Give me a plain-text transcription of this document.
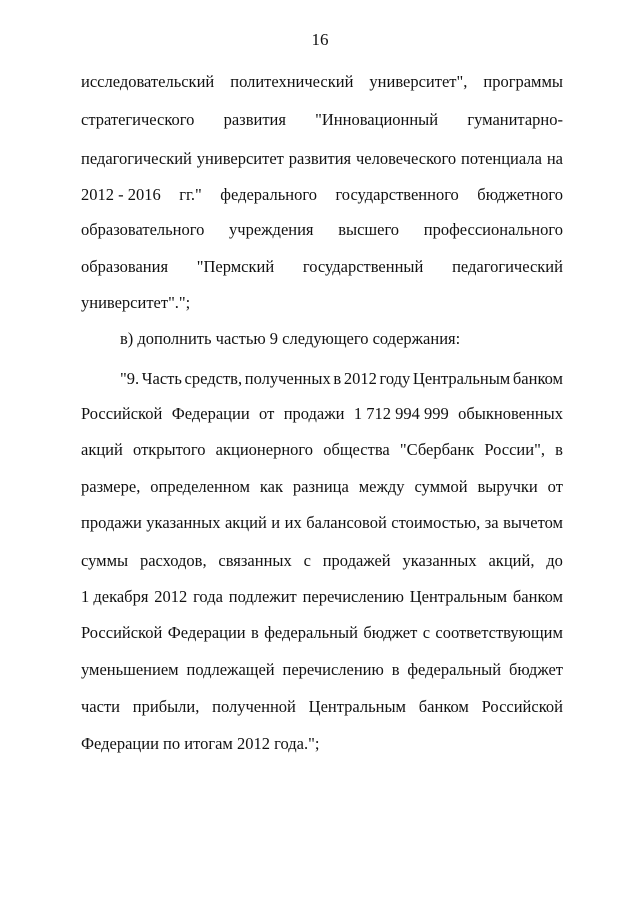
16
исследовательский политехнический университет", программы
стратегического развития "Инновационный гуманитарно-
педагогический университет развития человеческого потенциала на
2012 - 2016 гг." федерального государственного бюджетного
образовательного учреждения высшего профессионального
образования "Пермский государственный педагогический
университет".";
в) дополнить частью 9 следующего содержания:
"9. Часть средств, полученных в 2012 году Центральным банком
Российской Федерации от продажи 1 712 994 999 обыкновенных
акций открытого акционерного общества "Сбербанк России", в
размере, определенном как разница между суммой выручки от
продажи указанных акций и их балансовой стоимостью, за вычетом
суммы расходов, связанных с продажей указанных акций, до
1 декабря 2012 года подлежит перечислению Центральным банком
Российской Федерации в федеральный бюджет с соответствующим
уменьшением подлежащей перечислению в федеральный бюджет
части прибыли, полученной Центральным банком Российской
Федерации по итогам 2012 года.";
